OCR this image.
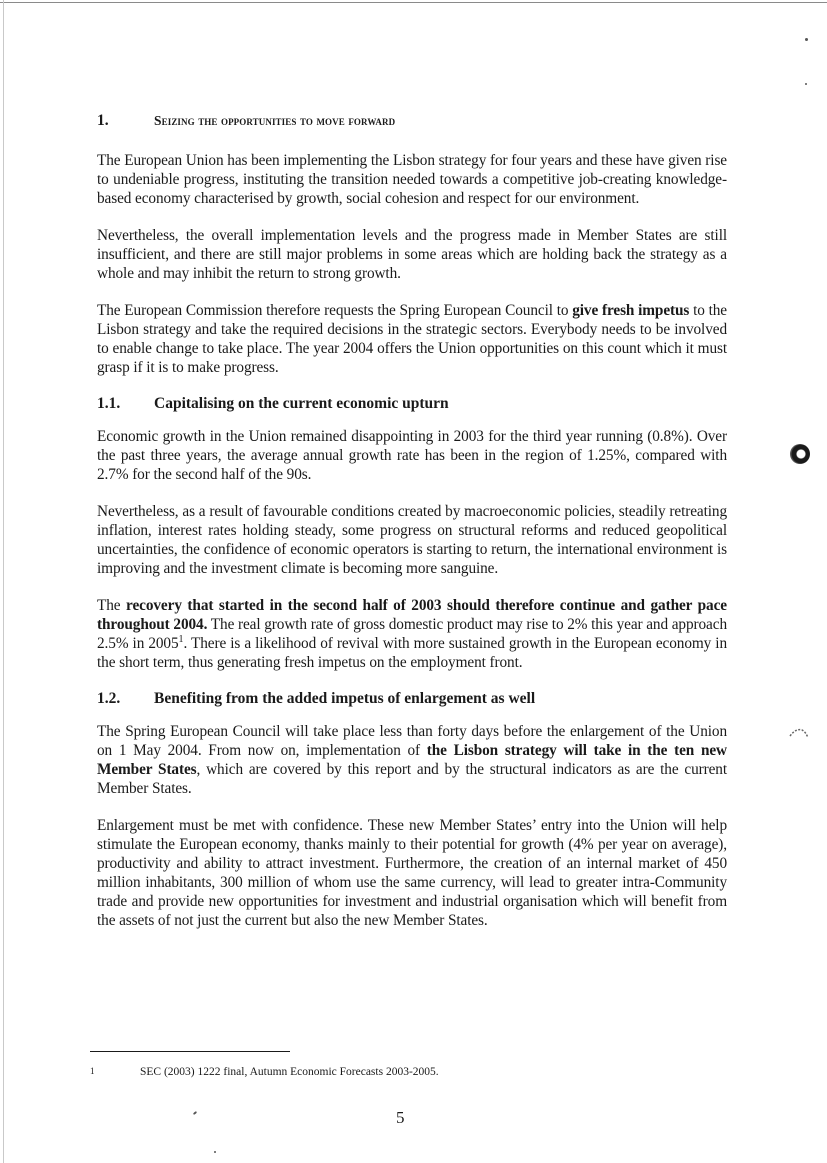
1.	Seizing the opportunities to move forward

The European Union has been implementing the Lisbon strategy for four years and these have given rise to undeniable progress, instituting the transition needed towards a competitive job-creating knowledge-based economy characterised by growth, social cohesion and respect for our environment.

Nevertheless, the overall implementation levels and the progress made in Member States are still insufficient, and there are still major problems in some areas which are holding back the strategy as a whole and may inhibit the return to strong growth.

The European Commission therefore requests the Spring European Council to give fresh impetus to the Lisbon strategy and take the required decisions in the strategic sectors. Everybody needs to be involved to enable change to take place. The year 2004 offers the Union opportunities on this count which it must grasp if it is to make progress.

1.1.	Capitalising on the current economic upturn

Economic growth in the Union remained disappointing in 2003 for the third year running (0.8%). Over the past three years, the average annual growth rate has been in the region of 1.25%, compared with 2.7% for the second half of the 90s.

Nevertheless, as a result of favourable conditions created by macroeconomic policies, steadily retreating inflation, interest rates holding steady, some progress on structural reforms and reduced geopolitical uncertainties, the confidence of economic operators is starting to return, the international environment is improving and the investment climate is becoming more sanguine.

The recovery that started in the second half of 2003 should therefore continue and gather pace throughout 2004. The real growth rate of gross domestic product may rise to 2% this year and approach 2.5% in 2005$^1$. There is a likelihood of revival with more sustained growth in the European economy in the short term, thus generating fresh impetus on the employment front.

1.2.	Benefiting from the added impetus of enlargement as well

The Spring European Council will take place less than forty days before the enlargement of the Union on 1 May 2004. From now on, implementation of the Lisbon strategy will take in the ten new Member States, which are covered by this report and by the structural indicators as are the current Member States.

Enlargement must be met with confidence. These new Member States’ entry into the Union will help stimulate the European economy, thanks mainly to their potential for growth (4% per year on average), productivity and ability to attract investment. Furthermore, the creation of an internal market of 450 million inhabitants, 300 million of whom use the same currency, will lead to greater intra-Community trade and provide new opportunities for investment and industrial organisation which will benefit from the assets of not just the current but also the new Member States.

1	SEC (2003) 1222 final, Autumn Economic Forecasts 2003-2005.
5
